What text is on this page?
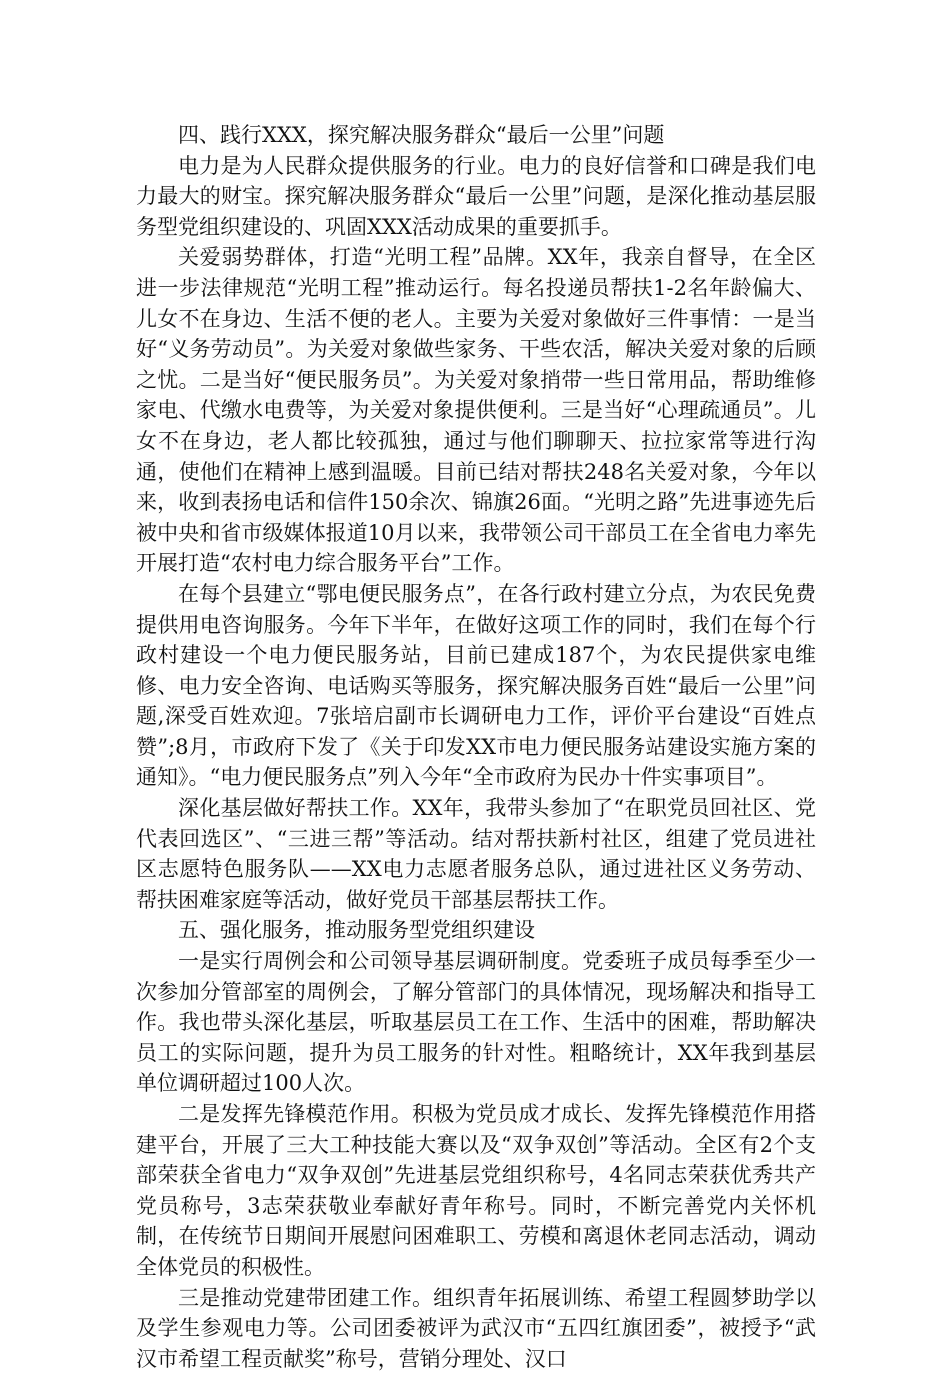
四、践行XXX，探究解决服务群众“最后一公里”问题

电力是为人民群众提供服务的行业。电力的良好信誉和口碑是我们电力最大的财宝。探究解决服务群众“最后一公里”问题，是深化推动基层服务型党组织建设的、巩固XXX活动成果的重要抓手。

关爱弱势群体，打造“光明工程”品牌。XX年，我亲自督导，在全区进一步法律规范“光明工程”推动运行。每名投递员帮扶1-2名年龄偏大、儿女不在身边、生活不便的老人。主要为关爱对象做好三件事情：一是当好“义务劳动员”。为关爱对象做些家务、干些农活，解决关爱对象的后顾之忧。二是当好“便民服务员”。为关爱对象捎带一些日常用品，帮助维修家电、代缴水电费等，为关爱对象提供便利。三是当好“心理疏通员”。儿女不在身边，老人都比较孤独，通过与他们聊聊天、拉拉家常等进行沟通，使他们在精神上感到温暖。目前已结对帮扶248名关爱对象，今年以来，收到表扬电话和信件150余次、锦旗26面。“光明之路”先进事迹先后被中央和省市级媒体报道10月以来，我带领公司干部员工在全省电力率先开展打造“农村电力综合服务平台”工作。

在每个县建立“鄂电便民服务点”，在各行政村建立分点，为农民免费提供用电咨询服务。今年下半年，在做好这项工作的同时，我们在每个行政村建设一个电力便民服务站，目前已建成187个，为农民提供家电维修、电力安全咨询、电话购买等服务，探究解决服务百姓“最后一公里”问题,深受百姓欢迎。7张培启副市长调研电力工作，评价平台建设“百姓点赞”;8月，市政府下发了《关于印发XX市电力便民服务站建设实施方案的通知》。“电力便民服务点”列入今年“全市政府为民办十件实事项目”。

深化基层做好帮扶工作。XX年，我带头参加了“在职党员回社区、党代表回选区”、“三进三帮”等活动。结对帮扶新村社区，组建了党员进社区志愿特色服务队——XX电力志愿者服务总队，通过进社区义务劳动、帮扶困难家庭等活动，做好党员干部基层帮扶工作。

五、强化服务，推动服务型党组织建设

一是实行周例会和公司领导基层调研制度。党委班子成员每季至少一次参加分管部室的周例会，了解分管部门的具体情况，现场解决和指导工作。我也带头深化基层，听取基层员工在工作、生活中的困难，帮助解决员工的实际问题，提升为员工服务的针对性。粗略统计，XX年我到基层单位调研超过100人次。

二是发挥先锋模范作用。积极为党员成才成长、发挥先锋模范作用搭建平台，开展了三大工种技能大赛以及“双争双创”等活动。全区有2个支部荣获全省电力“双争双创”先进基层党组织称号，4名同志荣获优秀共产党员称号，3志荣获敬业奉献好青年称号。同时，不断完善党内关怀机制，在传统节日期间开展慰问困难职工、劳模和离退休老同志活动，调动全体党员的积极性。

三是推动党建带团建工作。组织青年拓展训练、希望工程圆梦助学以及学生参观电力等。公司团委被评为武汉市“五四红旗团委”，被授予“武汉市希望工程贡献奖”称号，营销分理处、汉口
